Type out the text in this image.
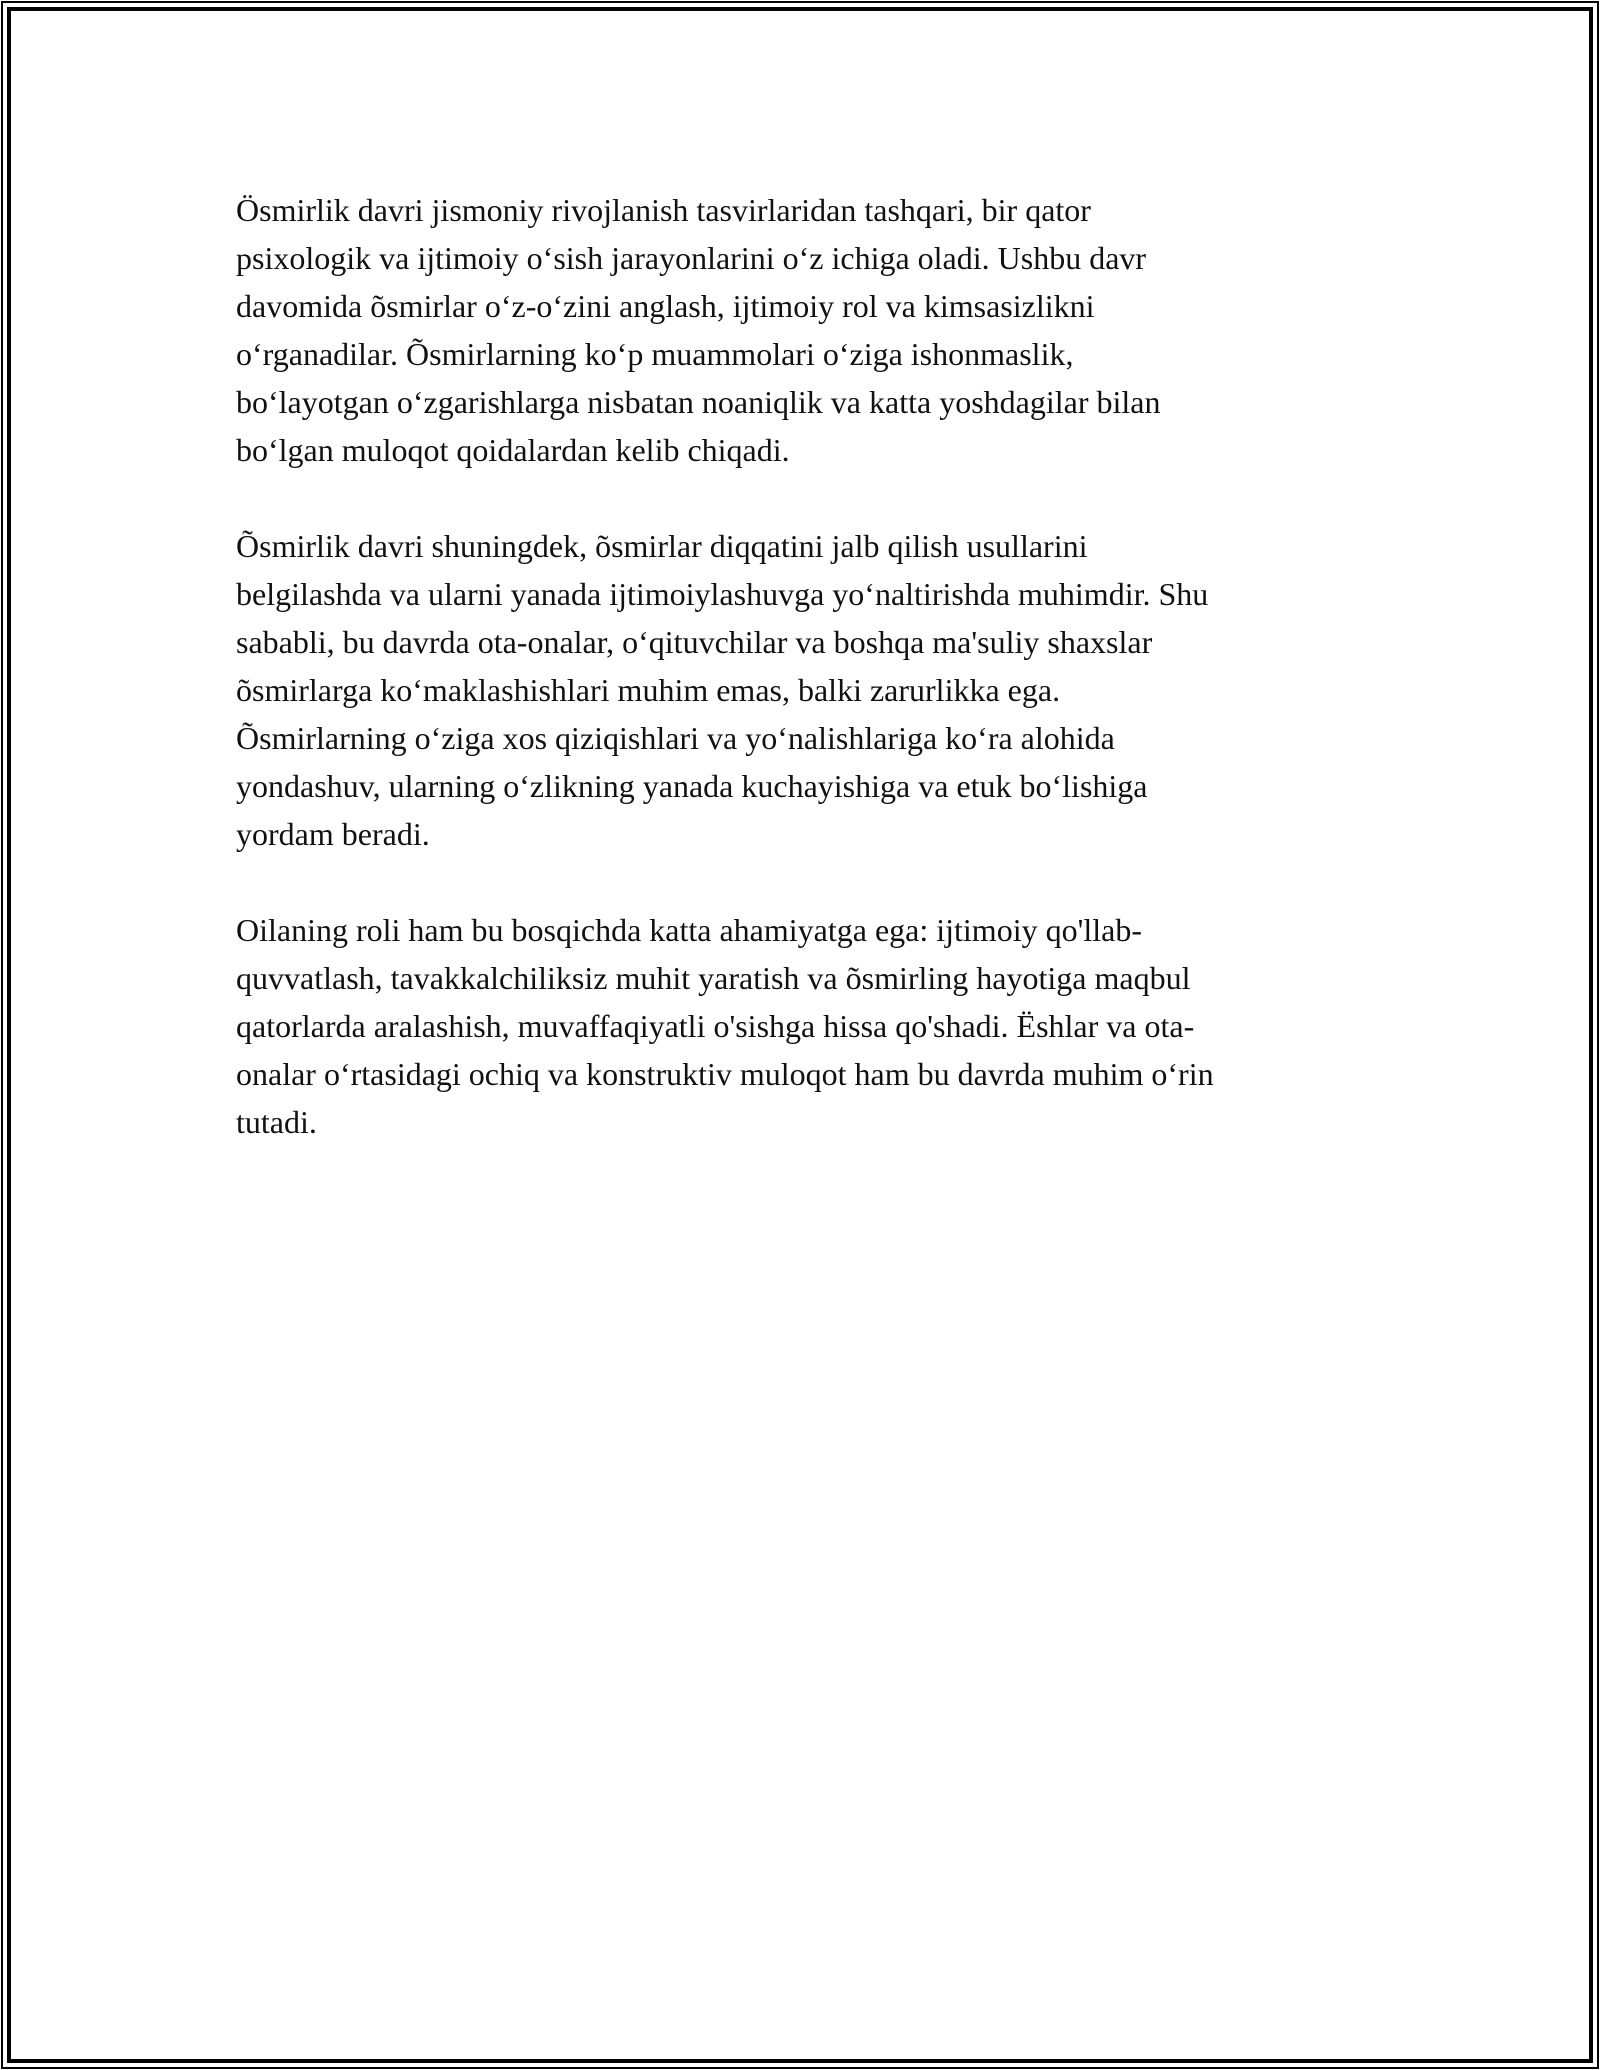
Ösmirlik davri jismoniy rivojlanish tasvirlaridan tashqari, bir qator
psixologik va ijtimoiy oʻsish jarayonlarini oʻz ichiga oladi. Ushbu davr
davomida õsmirlar oʻz-oʻzini anglash, ijtimoiy rol va kimsasizlikni
oʻrganadilar. Õsmirlarning koʻp muammolari oʻziga ishonmaslik,
boʻlayotgan oʻzgarishlarga nisbatan noaniqlik va katta yoshdagilar bilan
boʻlgan muloqot qoidalardan kelib chiqadi.

Õsmirlik davri shuningdek, õsmirlar diqqatini jalb qilish usullarini
belgilashda va ularni yanada ijtimoiylashuvga yoʻnaltirishda muhimdir. Shu
sababli, bu davrda ota-onalar, oʻqituvchilar va boshqa ma'suliy shaxslar
õsmirlarga koʻmaklashishlari muhim emas, balki zarurlikka ega.
Õsmirlarning oʻziga xos qiziqishlari va yoʻnalishlariga koʻra alohida
yondashuv, ularning oʻzlikning yanada kuchayishiga va etuk boʻlishiga
yordam beradi.

Oilaning roli ham bu bosqichda katta ahamiyatga ega: ijtimoiy qo'llab-
quvvatlash, tavakkalchiliksiz muhit yaratish va õsmirling hayotiga maqbul
qatorlarda aralashish, muvaffaqiyatli o'sishga hissa qo'shadi. Ëshlar va ota-
onalar oʻrtasidagi ochiq va konstruktiv muloqot ham bu davrda muhim oʻrin
tutadi.
